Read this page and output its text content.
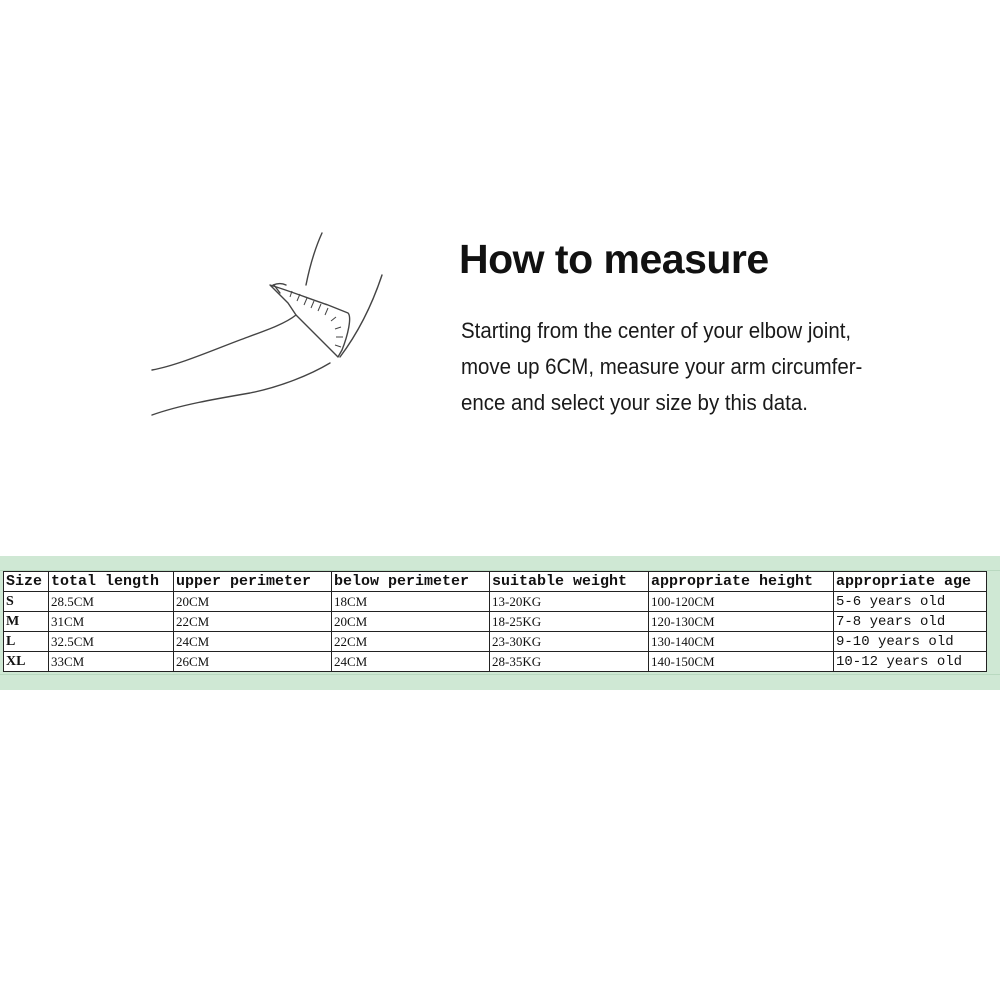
How to measure
Starting from the center of your elbow joint,
move up 6CM, measure your arm circumfer-
ence and select your size by this data.
Size	total length	upper perimeter	below perimeter	suitable weight	appropriate height	appropriate age
S	28.5CM	20CM	18CM	13-20KG	100-120CM	5-6 years old
M	31CM	22CM	20CM	18-25KG	120-130CM	7-8 years old
L	32.5CM	24CM	22CM	23-30KG	130-140CM	9-10 years old
XL	33CM	26CM	24CM	28-35KG	140-150CM	10-12 years old
